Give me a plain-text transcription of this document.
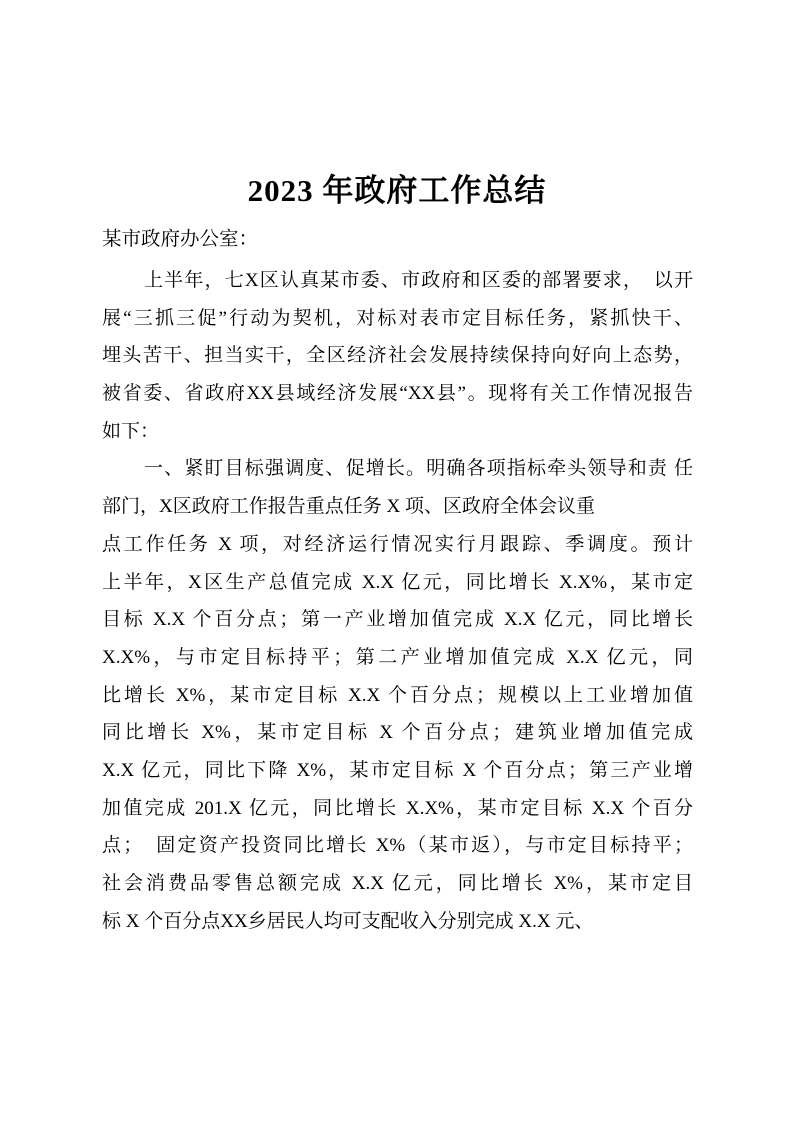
2023 年政府工作总结
某市政府办公室：
上半年，七X区认真某市委、市政府和区委的部署要求，　以开
展“三抓三促”行动为契机，对标对表市定目标任务，紧抓快干、
埋头苦干、担当实干，全区经济社会发展持续保持向好向上态势，
被省委、省政府XX县域经济发展“XX县”。现将有关工作情况报告
如下：
一、紧盯目标强调度、促增长。明确各项指标牵头领导和责 任
部门，X区政府工作报告重点任务 X 项、区政府全体会议重
点工作任务 X 项，对经济运行情况实行月跟踪、季调度。预计
上半年，X区生产总值完成 X.X 亿元，同比增长 X.X%，某市定
目标 X.X 个百分点；第一产业增加值完成 X.X 亿元，同比增长
X.X%，与市定目标持平；第二产业增加值完成 X.X 亿元，同
比增长 X%，某市定目标 X.X 个百分点；规模以上工业增加值
同比增长 X%，某市定目标 X 个百分点；建筑业增加值完成
X.X 亿元，同比下降 X%，某市定目标 X 个百分点；第三产业增
加值完成 201.X 亿元，同比增长 X.X%，某市定目标 X.X 个百分
点；　固定资产投资同比增长 X%（某市返），与市定目标持平；
社会消费品零售总额完成 X.X 亿元，同比增长 X%，某市定目
标 X 个百分点XX乡居民人均可支配收入分别完成 X.X 元、
